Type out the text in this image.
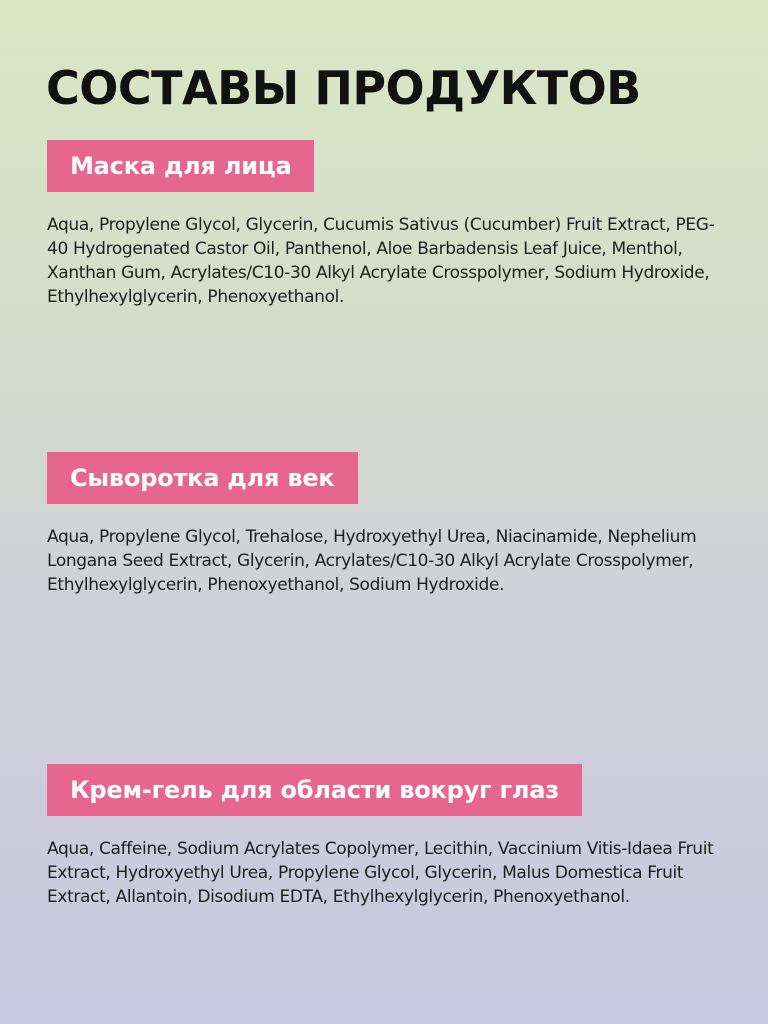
СОСТАВЫ ПРОДУКТОВ
Маска для лица

Aqua, Propylene Glycol, Glycerin, Cucumis Sativus (Cucumber) Fruit Extract, PEG-40 Hydrogenated Castor Oil, Panthenol, Aloe Barbadensis Leaf Juice, Menthol, Xanthan Gum, Acrylates/C10-30 Alkyl Acrylate Crosspolymer, Sodium Hydroxide, Ethylhexylglycerin, Phenoxyethanol.

Сыворотка для век

Aqua, Propylene Glycol, Trehalose, Hydroxyethyl Urea, Niacinamide, Nephelium Longana Seed Extract, Glycerin, Acrylates/C10-30 Alkyl Acrylate Crosspolymer, Ethylhexylglycerin, Phenoxyethanol, Sodium Hydroxide.

Крем-гель для области вокруг глаз

Aqua, Caffeine, Sodium Acrylates Copolymer, Lecithin, Vaccinium Vitis-Idaea Fruit Extract, Hydroxyethyl Urea, Propylene Glycol, Glycerin, Malus Domestica Fruit Extract, Allantoin, Disodium EDTA, Ethylhexylglycerin, Phenoxyethanol.
